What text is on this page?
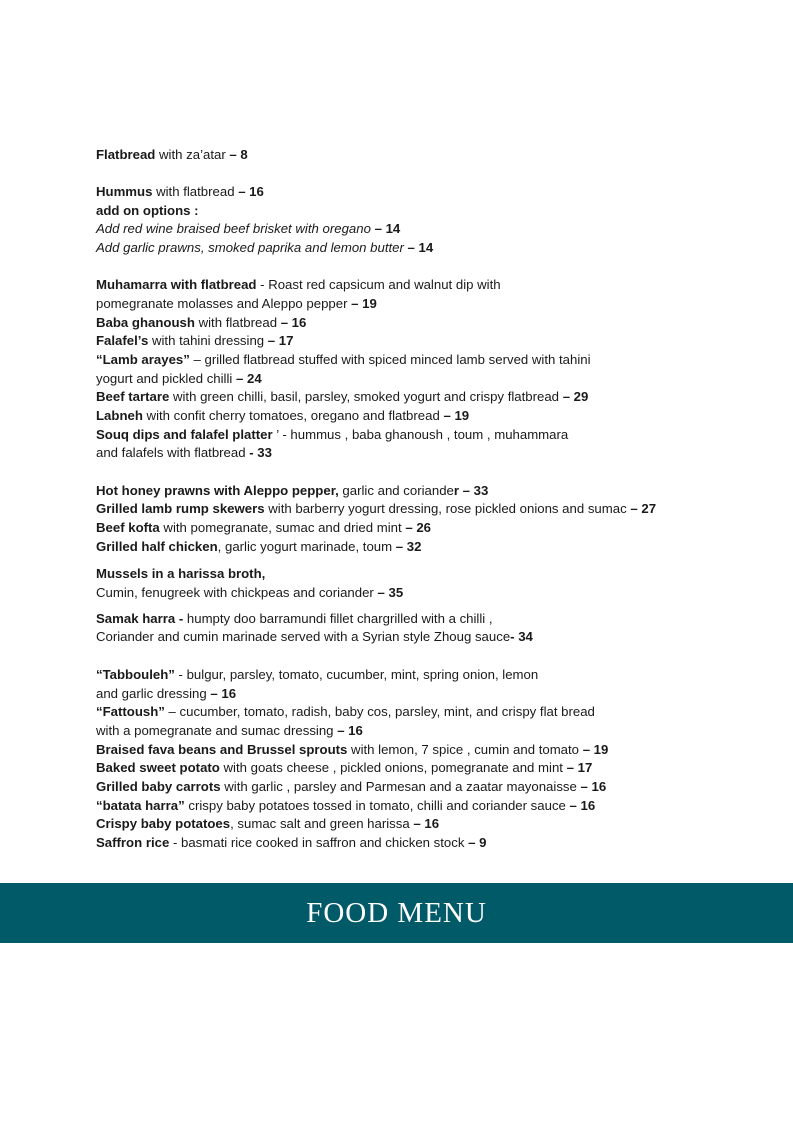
Flatbread with za’atar – 8
Hummus with flatbread – 16
add on options :
Add red wine braised beef brisket with oregano – 14
Add garlic prawns, smoked paprika and lemon butter – 14
Muhamarra with flatbread - Roast red capsicum and walnut dip with
pomegranate molasses and Aleppo pepper – 19
Baba ghanoush with flatbread – 16
Falafel’s with tahini dressing – 17
“Lamb arayes” – grilled flatbread stuffed with spiced minced lamb served with tahini
yogurt and pickled chilli – 24
Beef tartare with green chilli, basil, parsley, smoked yogurt and crispy flatbread – 29
Labneh with confit cherry tomatoes, oregano and flatbread – 19
Souq dips and falafel platter ’ - hummus , baba ghanoush , toum , muhammara
and falafels with flatbread - 33
Hot honey prawns with Aleppo pepper, garlic and coriander – 33
Grilled lamb rump skewers with barberry yogurt dressing, rose pickled onions and sumac – 27
Beef kofta with pomegranate, sumac and dried mint – 26
Grilled half chicken, garlic yogurt marinade, toum – 32
Mussels in a harissa broth,
Cumin, fenugreek with chickpeas and coriander – 35
Samak harra - humpty doo barramundi fillet chargrilled with a chilli ,
Coriander and cumin marinade served with a Syrian style Zhoug sauce- 34
“Tabbouleh” - bulgur, parsley, tomato, cucumber, mint, spring onion, lemon
and garlic dressing – 16
“Fattoush” – cucumber, tomato, radish, baby cos, parsley, mint, and crispy flat bread
with a pomegranate and sumac dressing – 16
Braised fava beans and Brussel sprouts with lemon, 7 spice , cumin and tomato – 19
Baked sweet potato with goats cheese , pickled onions, pomegranate and mint – 17
Grilled baby carrots with garlic , parsley and Parmesan and a zaatar mayonaisse – 16
“batata harra” crispy baby potatoes tossed in tomato, chilli and coriander sauce – 16
Crispy baby potatoes, sumac salt and green harissa – 16
Saffron rice - basmati rice cooked in saffron and chicken stock – 9
FOOD MENU
